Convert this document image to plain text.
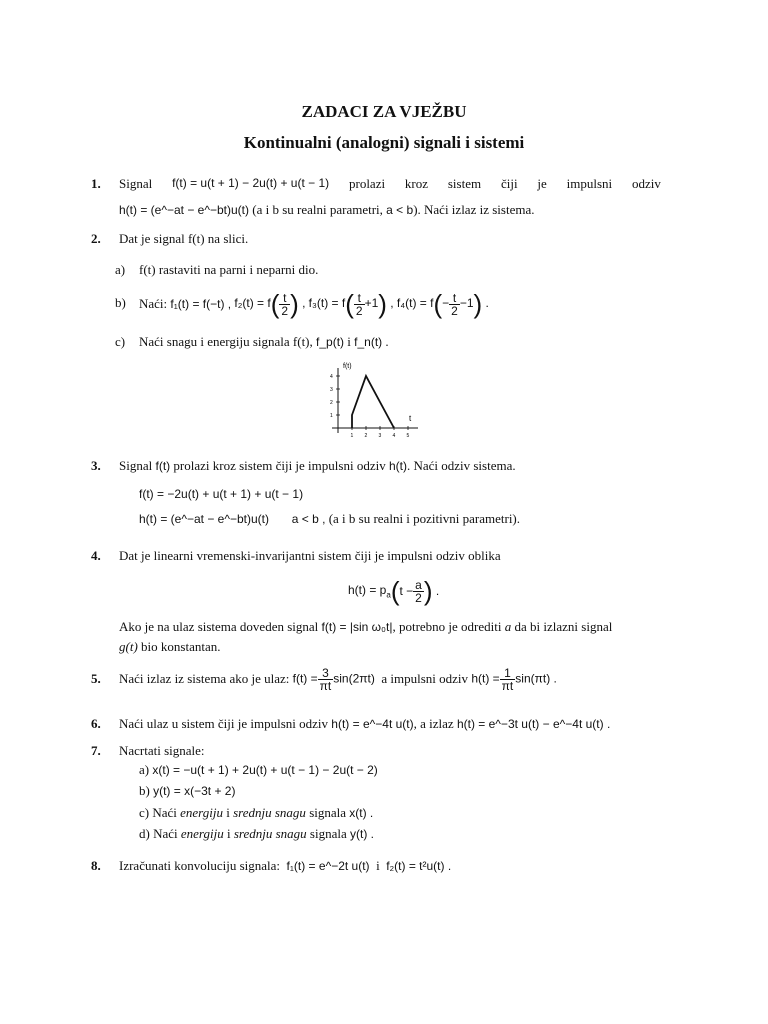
ZADACI ZA VJEŽBU
Kontinualni (analogni) signali i sistemi
1. Signal f(t) = u(t + 1) − 2u(t) + u(t − 1) prolazi kroz sistem čiji je impulsni odziv
h(t) = (e^−at − e^−bt)u(t) (a i b su realni parametri, a < b). Naći izlaz iz sistema.
2. Dat je signal f(t) na slici.
a) f(t) rastaviti na parni i neparni dio.
b) Naći:
f₁(t) = f(−t) ,
$f_2(t) = f( \frac{t}{2}$ ) ,
$f_3(t) = f( \frac{t}{2} +1)$ ,
$f_4(t) = f(- \frac{t}{2} -1)$ .
c) Naći snagu i energiju signala f(t), f_p(t) i f_n(t) .
1 2 3 4 5
1
2
3
4
f(t)
t
3. Signal f(t) prolazi kroz sistem čiji je impulsni odziv h(t). Naći odziv sistema.
f(t) = −2u(t) + u(t + 1) + u(t − 1)
h(t) = (e^−at − e^−bt)u(t) a < b , (a i b su realni i pozitivni parametri).
4. Dat je linearni vremenski-invarijantni sistem čiji je impulsni odziv oblika
$h(t) = p_a$ ( $t - \frac{a}{2}$ ) .
Ako je na ulaz sistema doveden signal f(t) = |sin ω₀t|, potrebno je odrediti a da bi izlazni signal
g(t) bio konstantan.
5. Naći izlaz iz sistema ako je ulaz:
$f(t) = \frac{3}{\pi t} \sin(2\pi t)$
a impulsni odziv
$h(t) = \frac{1}{\pi t} \sin(\pi t)$ .
6. Naći ulaz u sistem čiji je impulsni odziv h(t) = e^−4t u(t), a izlaz h(t) = e^−3t u(t) − e^−4t u(t) .
7. Nacrtati signale:
a) x(t) = −u(t + 1) + 2u(t) + u(t − 1) − 2u(t − 2)
b) y(t) = x(−3t + 2)
c) Naći energiju i srednju snagu signala x(t) .
d) Naći energiju i srednju snagu signala y(t) .
8. Izračunati konvoluciju signala: f₁(t) = e^−2t u(t) i f₂(t) = t²u(t) .
